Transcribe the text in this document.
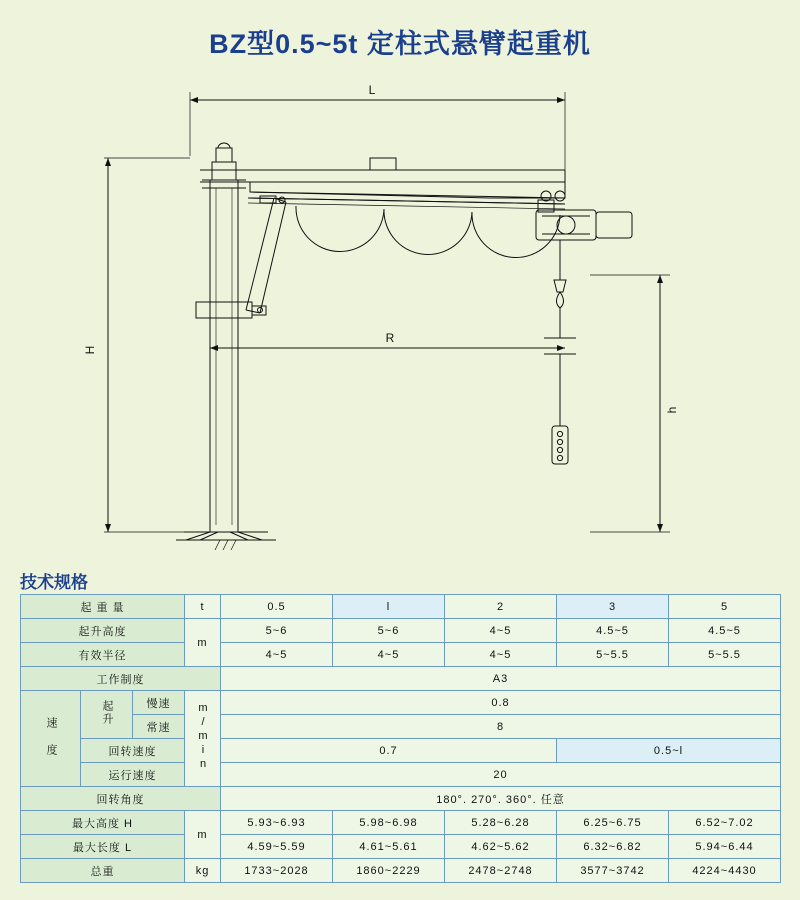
BZ型0.5~5t 定柱式悬臂起重机
L
H
R
h
技术规格
起 重 量			t	0.5	l	2	3	5
起升高度			m	5~6	5~6	4~5	4.5~5	4.5~5
有效半径				4~5	4~5	4~5	5~5.5	5~5.5
工作制度				A3				
速 度	起升	慢速	m/min	0.8				
		常速		8				
	回转速度			0.7			0.5~l	
	运行速度			20				
回转角度				180°. 270°. 360°. 任意				
最大高度 H			m	5.93~6.93	5.98~6.98	5.28~6.28	6.25~6.75	6.52~7.02
最大长度 L				4.59~5.59	4.61~5.61	4.62~5.62	6.32~6.82	5.94~6.44
总重			kg	1733~2028	1860~2229	2478~2748	3577~3742	4224~4430
